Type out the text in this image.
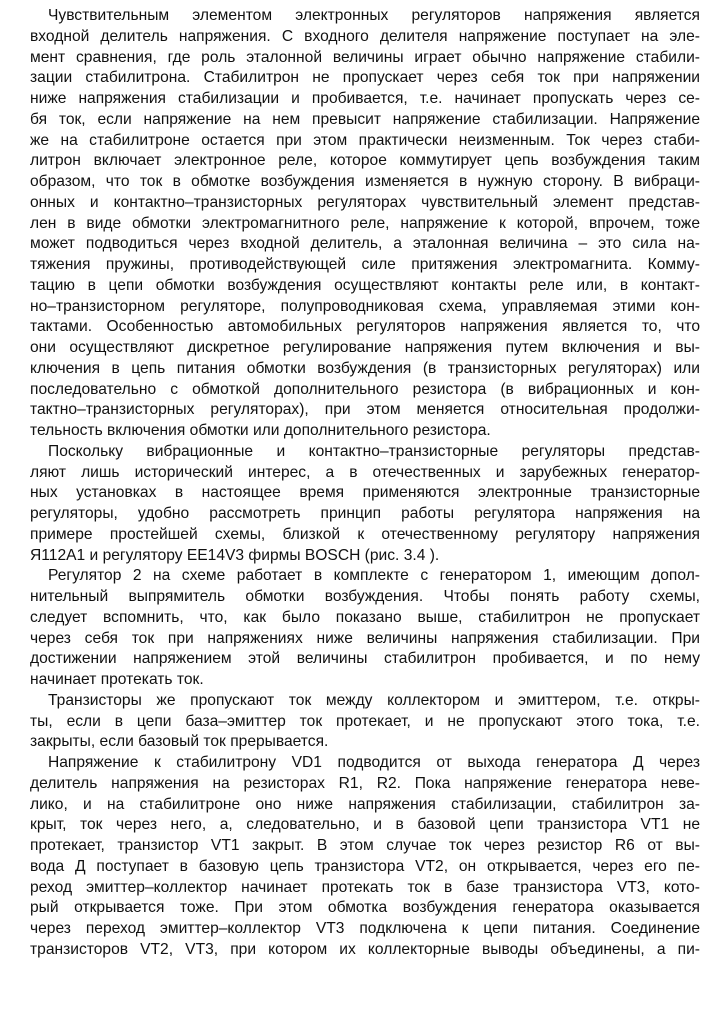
Чувствительным элементом электронных регуляторов напряжения является
входной делитель напряжения. С входного делителя напряжение поступает на эле-
мент сравнения, где роль эталонной величины играет обычно напряжение стабили-
зации стабилитрона. Стабилитрон не пропускает через себя ток при напряжении
ниже напряжения стабилизации и пробивается, т.е. начинает пропускать через се-
бя ток, если напряжение на нем превысит напряжение стабилизации. Напряжение
же на стабилитроне остается при этом практически неизменным. Ток через стаби-
литрон включает электронное реле, которое коммутирует цепь возбуждения таким
образом, что ток в обмотке возбуждения изменяется в нужную сторону. В вибраци-
онных и контактно–транзисторных регуляторах чувствительный элемент представ-
лен в виде обмотки электромагнитного реле, напряжение к которой, впрочем, тоже
может подводиться через входной делитель, а эталонная величина – это сила на-
тяжения пружины, противодействующей силе притяжения электромагнита. Комму-
тацию в цепи обмотки возбуждения осуществляют контакты реле или, в контакт-
но–транзисторном регуляторе, полупроводниковая схема, управляемая этими кон-
тактами. Особенностью автомобильных регуляторов напряжения является то, что
они осуществляют дискретное регулирование напряжения путем включения и вы-
ключения в цепь питания обмотки возбуждения (в транзисторных регуляторах) или
последовательно с обмоткой дополнительного резистора (в вибрационных и кон-
тактно–транзисторных регуляторах), при этом меняется относительная продолжи-
тельность включения обмотки или дополнительного резистора.
Поскольку вибрационные и контактно–транзисторные регуляторы представ-
ляют лишь исторический интерес, а в отечественных и зарубежных генератор-
ных установках в настоящее время применяются электронные транзисторные
регуляторы, удобно рассмотреть принцип работы регулятора напряжения на
примере простейшей схемы, близкой к отечественному регулятору напряжения
Я112А1 и регулятору EE14V3 фирмы BOSCH (рис. 3.4 ).
Регулятор 2 на схеме работает в комплекте с генератором 1, имеющим допол-
нительный выпрямитель обмотки возбуждения. Чтобы понять работу схемы,
следует вспомнить, что, как было показано выше, стабилитрон не пропускает
через себя ток при напряжениях ниже величины напряжения стабилизации. При
достижении напряжением этой величины стабилитрон пробивается, и по нему
начинает протекать ток.
Транзисторы же пропускают ток между коллектором и эмиттером, т.е. откры-
ты, если в цепи база–эмиттер ток протекает, и не пропускают этого тока, т.е.
закрыты, если базовый ток прерывается.
Напряжение к стабилитрону VD1 подводится от выхода генератора Д через
делитель напряжения на резисторах R1, R2. Пока напряжение генератора неве-
лико, и на стабилитроне оно ниже напряжения стабилизации, стабилитрон за-
крыт, ток через него, а, следовательно, и в базовой цепи транзистора VT1 не
протекает, транзистор VT1 закрыт. В этом случае ток через резистор R6 от вы-
вода Д поступает в базовую цепь транзистора VT2, он открывается, через его пе-
реход эмиттер–коллектор начинает протекать ток в базе транзистора VT3, кото-
рый открывается тоже. При этом обмотка возбуждения генератора оказывается
через переход эмиттер–коллектор VT3 подключена к цепи питания. Соединение
транзисторов VT2, VT3, при котором их коллекторные выводы объединены, а пи-
